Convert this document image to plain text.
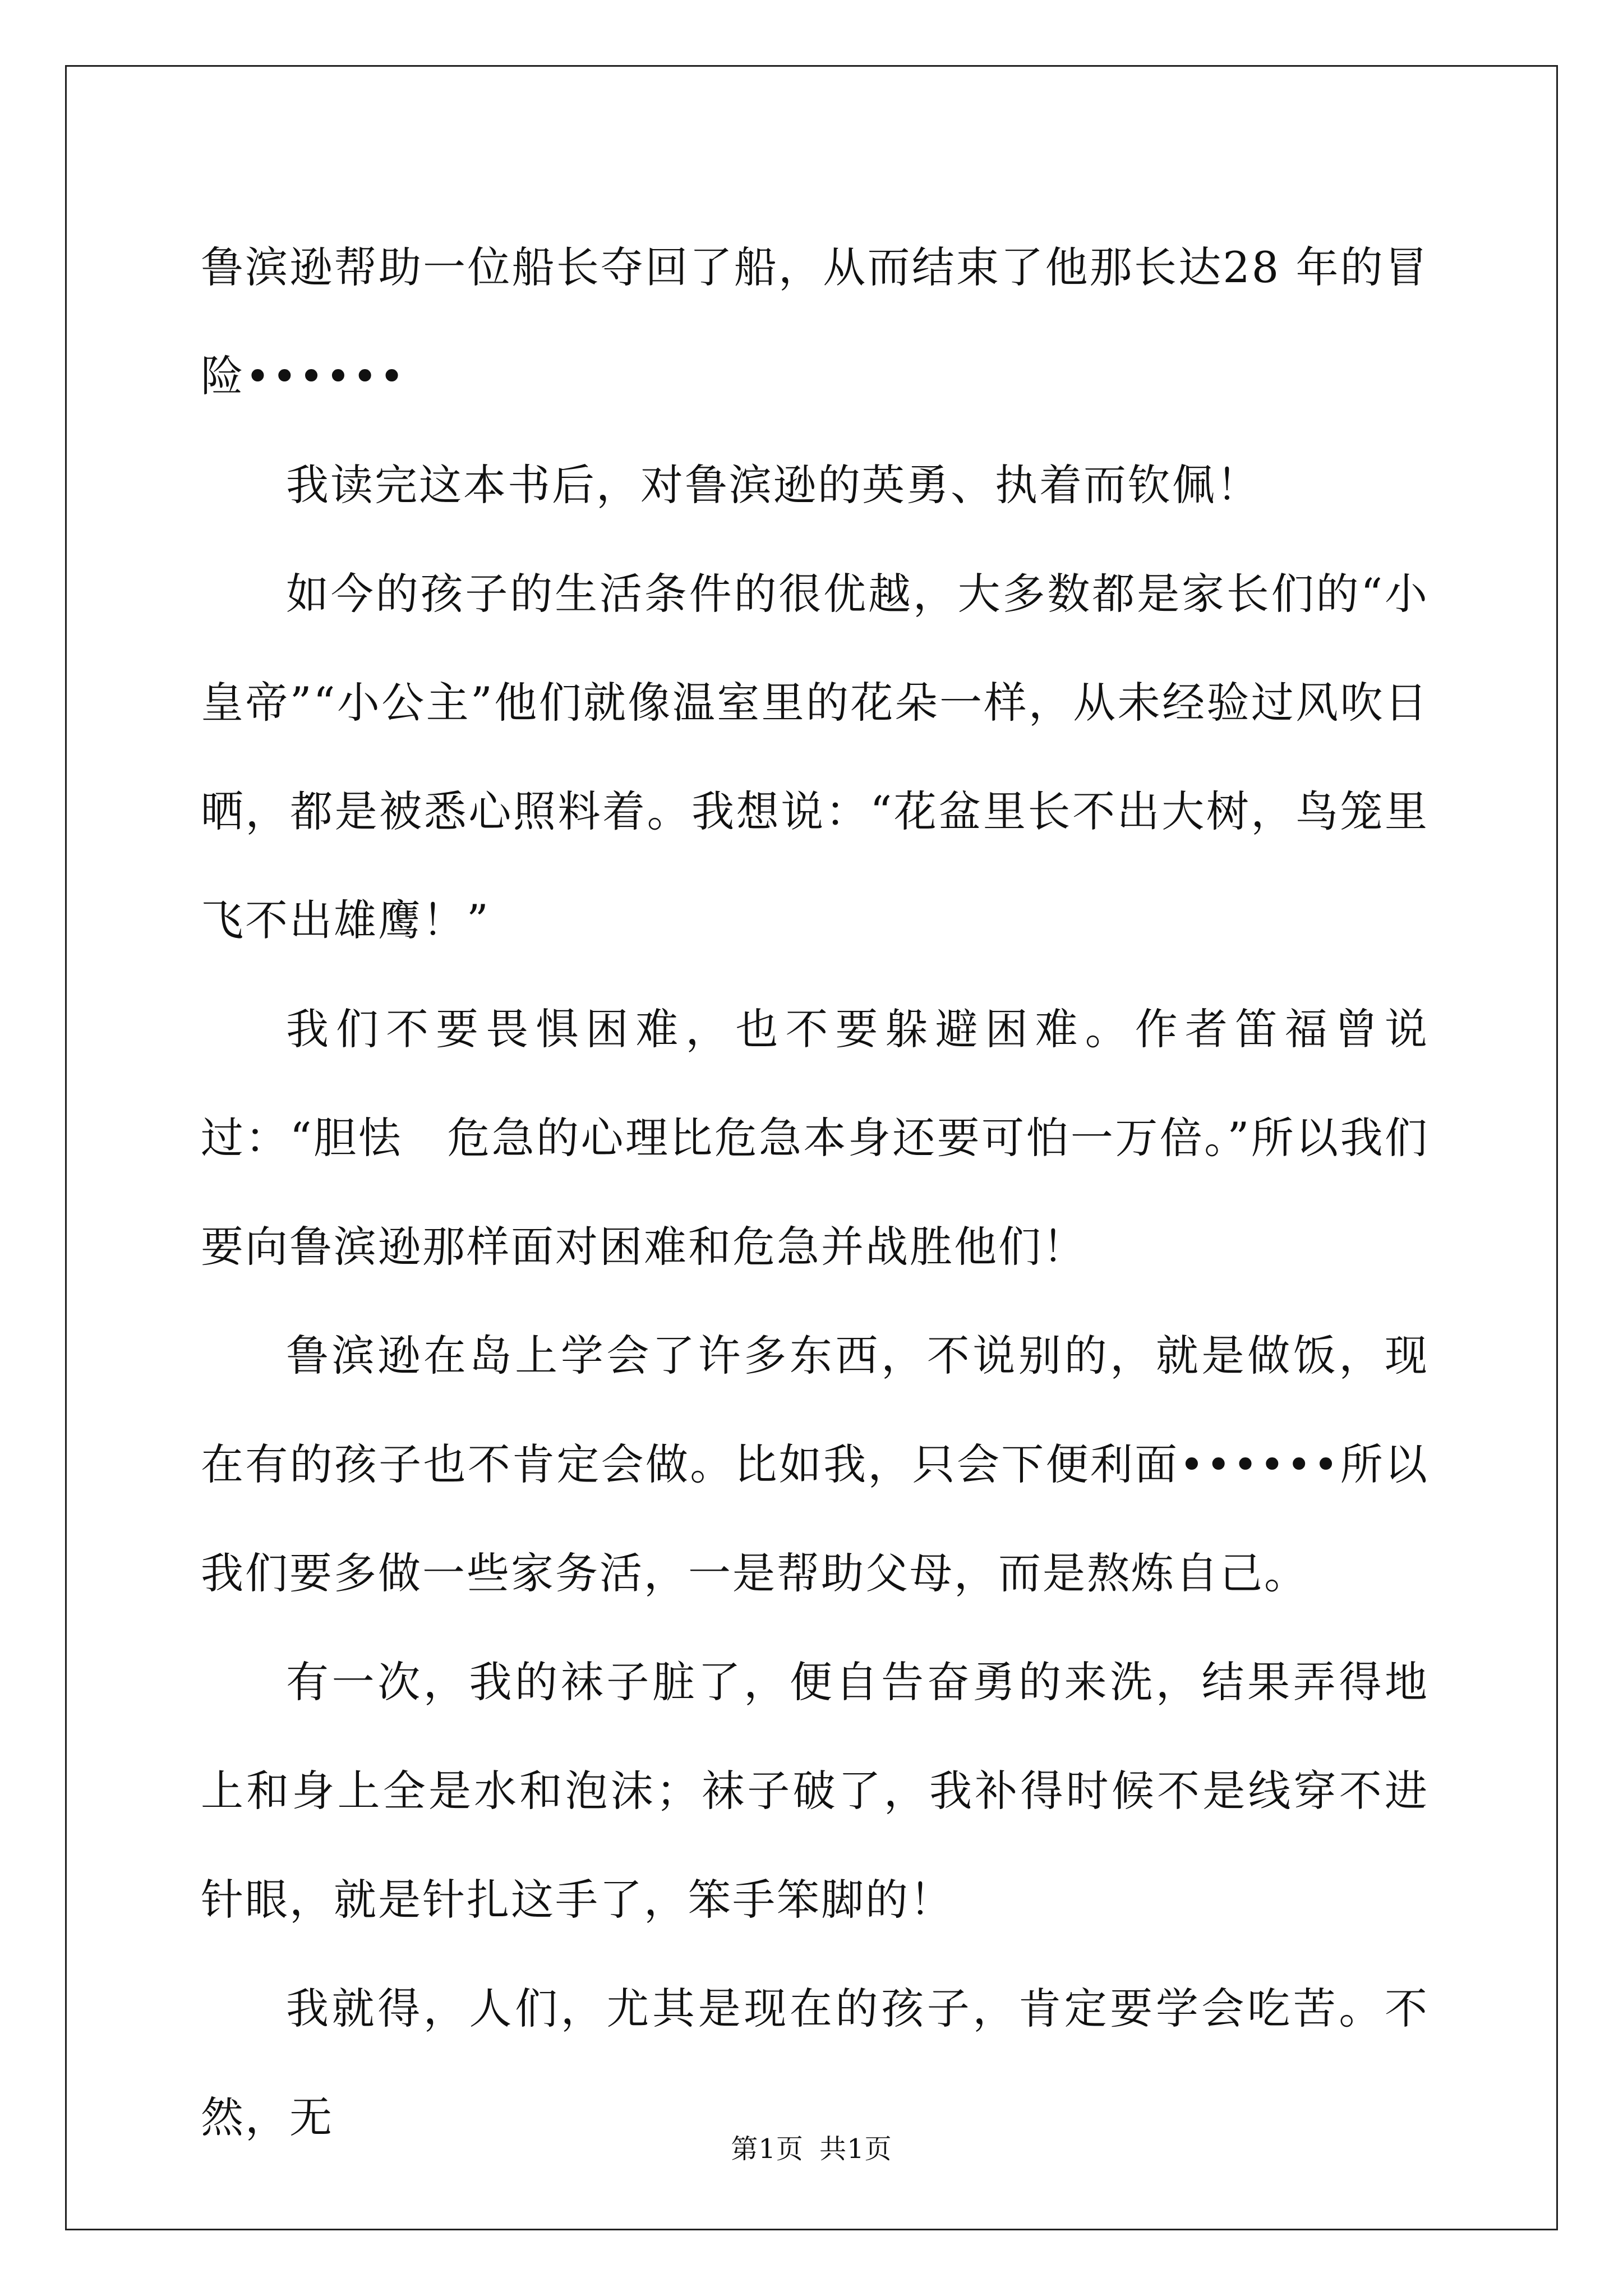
鲁滨逊帮助一位船长夺回了船，从而结束了他那长达28 年的冒险••••••

我读完这本书后，对鲁滨逊的英勇、执着而钦佩！

如今的孩子的生活条件的很优越，大多数都是家长们的“小皇帝”“小公主”他们就像温室里的花朵一样，从未经验过风吹日晒，都是被悉心照料着。我想说：“花盆里长不出大树，鸟笼里飞不出雄鹰！”

我们不要畏惧困难，也不要躲避困难。作者笛福曾说过：“胆怯　危急的心理比危急本身还要可怕一万倍。”所以我们要向鲁滨逊那样面对困难和危急并战胜他们！

鲁滨逊在岛上学会了许多东西，不说别的，就是做饭，现在有的孩子也不肯定会做。比如我，只会下便利面••••••所以我们要多做一些家务活，一是帮助父母，而是熬炼自己。

有一次，我的袜子脏了，便自告奋勇的来洗，结果弄得地上和身上全是水和泡沫；袜子破了，我补得时候不是线穿不进针眼，就是针扎这手了，笨手笨脚的！

我就得，人们，尤其是现在的孩子，肯定要学会吃苦。不然，无

第1页 共1页
